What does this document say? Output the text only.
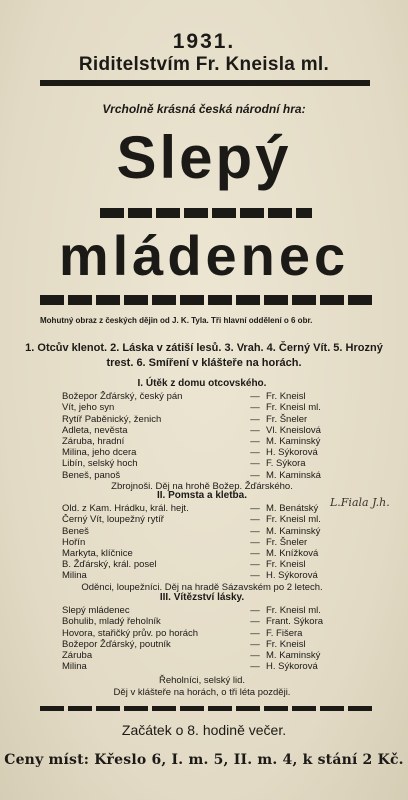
1931.
Riditelstvím Fr. Kneisla ml.
Vrcholně krásná česká národní hra:
Slepý
mládenec
Mohutný obraz z českých dějin od J. K. Tyla. Tři hlavní oddělení o 6 obr.
1. Otcův klenot. 2. Láska v zátiší lesů. 3. Vrah. 4. Černý Vít. 5. Hrozný
trest. 6. Smíření v klášteře na horách.
I. Útěk z domu otcovského.
Božepor Žďárský, český pán	— Fr. Kneisl
Vít, jeho syn	— Fr. Kneisl ml.
Rytíř Paběnický, ženich	— Fr. Šneler
Adleta, nevěsta	— Vl. Kneislová
Záruba, hradní	— M. Kaminský
Milina, jeho dcera	— H. Sýkorová
Libín, selský hoch	— F. Sýkora
Beneš, panoš	— M. Kaminská
Zbrojnoši. Děj na hrohě Božep. Žďárského.
II. Pomsta a kletba.
Old. z Kam. Hrádku, král. hejt.	— M. Benátský
Černý Vít, loupežný rytíř	— Fr. Kneisl ml.
Beneš	— M. Kaminský
Hořín	— Fr. Šneler
Markyta, klíčnice	— M. Knížková
B. Žďárský, král. posel	— Fr. Kneisl
Milina	— H. Sýkorová
Oděnci, loupežníci. Děj na hradě Sázavském po 2 letech.
L.Fiala J.h.
III. Vítězství lásky.
Slepý mládenec	— Fr. Kneisl ml.
Bohulib, mladý řeholník	— Frant. Sýkora
Hovora, stařičký prův. po horách	— F. Fišera
Božepor Žďárský, poutník	— Fr. Kneisl
Záruba	— M. Kaminský
Milina	— H. Sýkorová
Řeholníci, selský lid.
Děj v klášteře na horách, o tři léta později.
Začátek o 8. hodině večer.
Ceny míst: Křeslo 6, I. m. 5, II. m. 4, k stání 2 Kč.
